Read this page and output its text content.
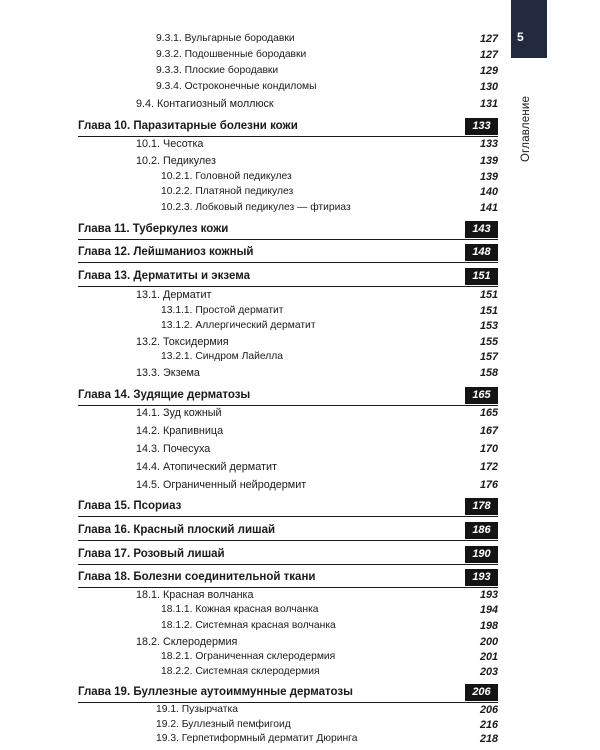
5
Оглавление
9.3.1. Вульгарные бородавки	127
9.3.2. Подошвенные бородавки	127
9.3.3. Плоские бородавки	129
9.3.4. Остроконечные кондиломы	130
9.4. Контагиозный моллюск	131
Глава 10. Паразитарные болезни кожи	133
10.1. Чесотка	133
10.2. Педикулез	139
10.2.1. Головной педикулез	139
10.2.2. Платяной педикулез	140
10.2.3. Лобковый педикулез — фтириаз	141
Глава 11. Туберкулез кожи	143
Глава 12. Лейшманиоз кожный	148
Глава 13. Дерматиты и экзема	151
13.1. Дерматит	151
13.1.1. Простой дерматит	151
13.1.2. Аллергический дерматит	153
13.2. Токсидермия	155
13.2.1. Синдром Лайелла	157
13.3. Экзема	158
Глава 14. Зудящие дерматозы	165
14.1. Зуд кожный	165
14.2. Крапивница	167
14.3. Почесуха	170
14.4. Атопический дерматит	172
14.5. Ограниченный нейродермит	176
Глава 15. Псориаз	178
Глава 16. Красный плоский лишай	186
Глава 17. Розовый лишай	190
Глава 18. Болезни соединительной ткани	193
18.1. Красная волчанка	193
18.1.1. Кожная красная волчанка	194
18.1.2. Системная красная волчанка	198
18.2. Склеродермия	200
18.2.1. Ограниченная склеродермия	201
18.2.2. Системная склеродермия	203
Глава 19. Буллезные аутоиммунные дерматозы	206
19.1. Пузырчатка	206
19.2. Буллезный пемфигоид	216
19.3. Герпетиформный дерматит Дюринга	218
